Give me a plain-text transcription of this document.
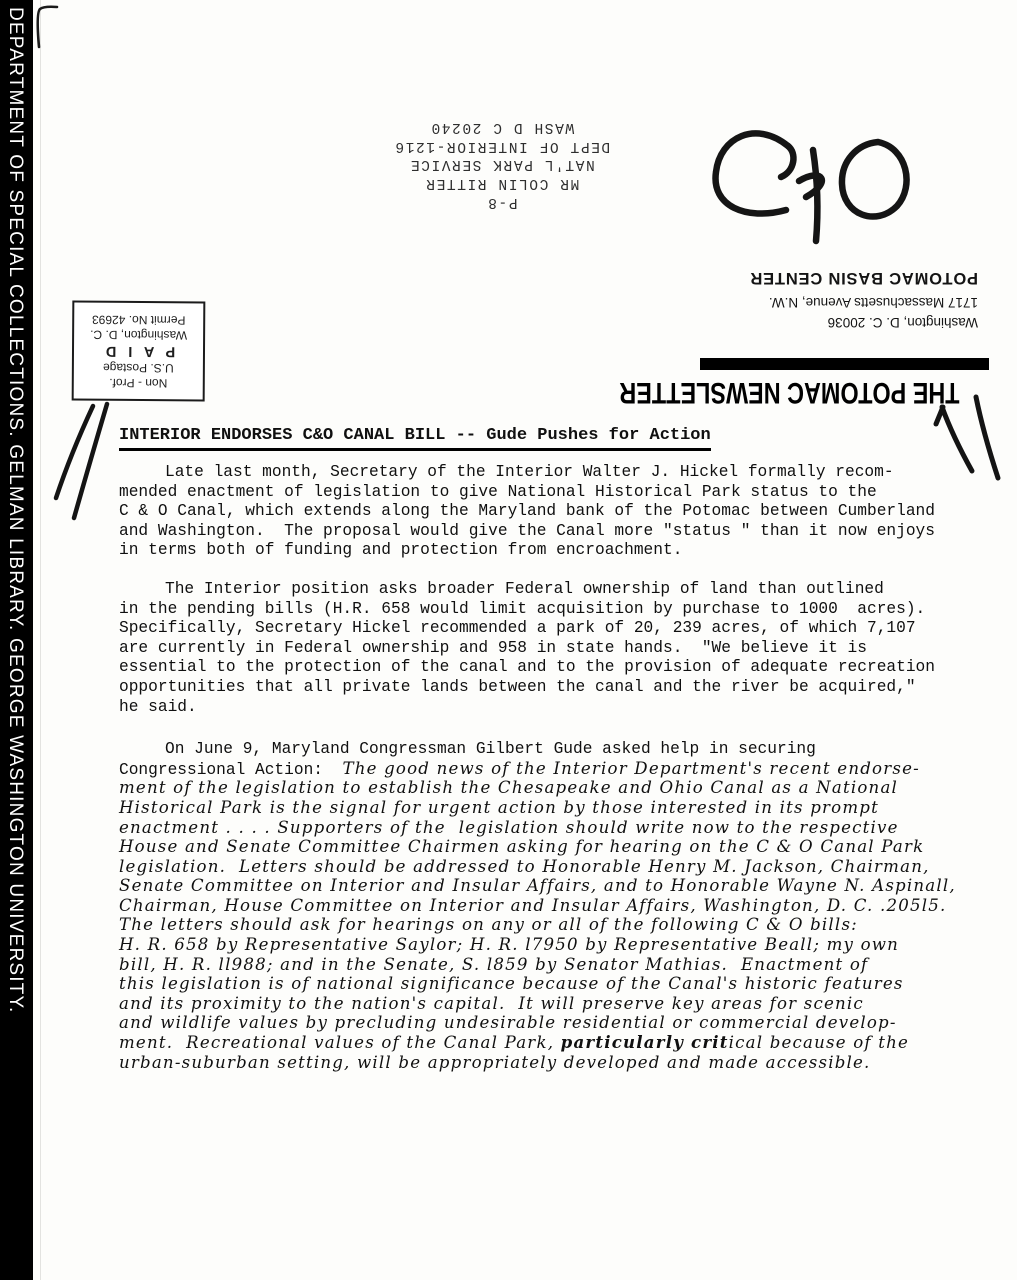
DEPARTMENT OF SPECIAL COLLECTIONS. GELMAN LIBRARY. GEORGE WASHINGTON UNIVERSITY.	P-8
MR COLIN RITTER
NAT'L PARK SERVICE
DEPT OF INTERIOR-1216
WASH D C 20240
Non - Prof.
U.S. Postage
P A I D
Washington, D. C.
Permit No. 42693	Washington, D. C. 20036
1717 Massachusetts Avenue, N.W.
POTOMAC BASIN CENTER
THE POTOMAC NEWSLETTER
INTERIOR ENDORSES C&O CANAL BILL -- Gude Pushes for Action
Late last month, Secretary of the Interior Walter J. Hickel formally recom-
mended enactment of legislation to give National Historical Park status to the
C & O Canal, which extends along the Maryland bank of the Potomac between Cumberland
and Washington.  The proposal would give the Canal more "status " than it now enjoys
in terms both of funding and protection from encroachment.
The Interior position asks broader Federal ownership of land than outlined
in the pending bills (H.R. 658 would limit acquisition by purchase to 1000  acres).
Specifically, Secretary Hickel recommended a park of 20, 239 acres, of which 7,107
are currently in Federal ownership and 958 in state hands.  "We believe it is
essential to the protection of the canal and to the provision of adequate recreation
opportunities that all private lands between the canal and the river be acquired,"
he said.
On June 9, Maryland Congressman Gilbert Gude asked help in securing
Congressional Action:  The good news of the Interior Department's recent endorse-
ment of the legislation to establish the Chesapeake and Ohio Canal as a National
Historical Park is the signal for urgent action by those interested in its prompt
enactment . . . . Supporters of the  legislation should write now to the respective
House and Senate Committee Chairmen asking for hearing on the C & O Canal Park
legislation.  Letters should be addressed to Honorable Henry M. Jackson, Chairman,
Senate Committee on Interior and Insular Affairs, and to Honorable Wayne N. Aspinall,
Chairman, House Committee on Interior and Insular Affairs, Washington, D. C. .205l5.
The letters should ask for hearings on any or all of the following C & O bills:
H. R. 658 by Representative Saylor; H. R. l7950 by Representative Beall; my own
bill, H. R. ll988; and in the Senate, S. l859 by Senator Mathias.  Enactment of
this legislation is of national significance because of the Canal's historic features
and its proximity to the nation's capital.  It will preserve key areas for scenic
and wildlife values by precluding undesirable residential or commercial develop-
ment.  Recreational values of the Canal Park, particularly critical because of the
urban-suburban setting, will be appropriately developed and made accessible.
